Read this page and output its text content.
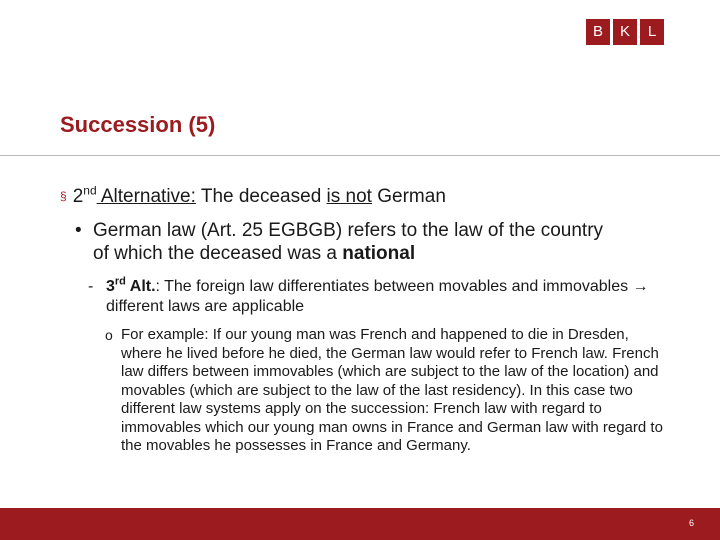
B	K	L
Succession (5)
§ 2nd Alternative: The deceased is not German
• German law (Art. 25 EGBGB) refers to the law of the country of which the deceased was a national
- 3rd Alt.: The foreign law differentiates between movables and immovables → different laws are applicable
o For example: If our young man was French and happened to die in Dresden, where he lived before he died, the German law would refer to French law. French law differs between immovables (which are subject to the law of the location) and movables (which are subject to the law of the last residency). In this case two different law systems apply on the succession: French law with regard to immovables which our young man owns in France and German law with regard to the movables he possesses in France and Germany.
6
